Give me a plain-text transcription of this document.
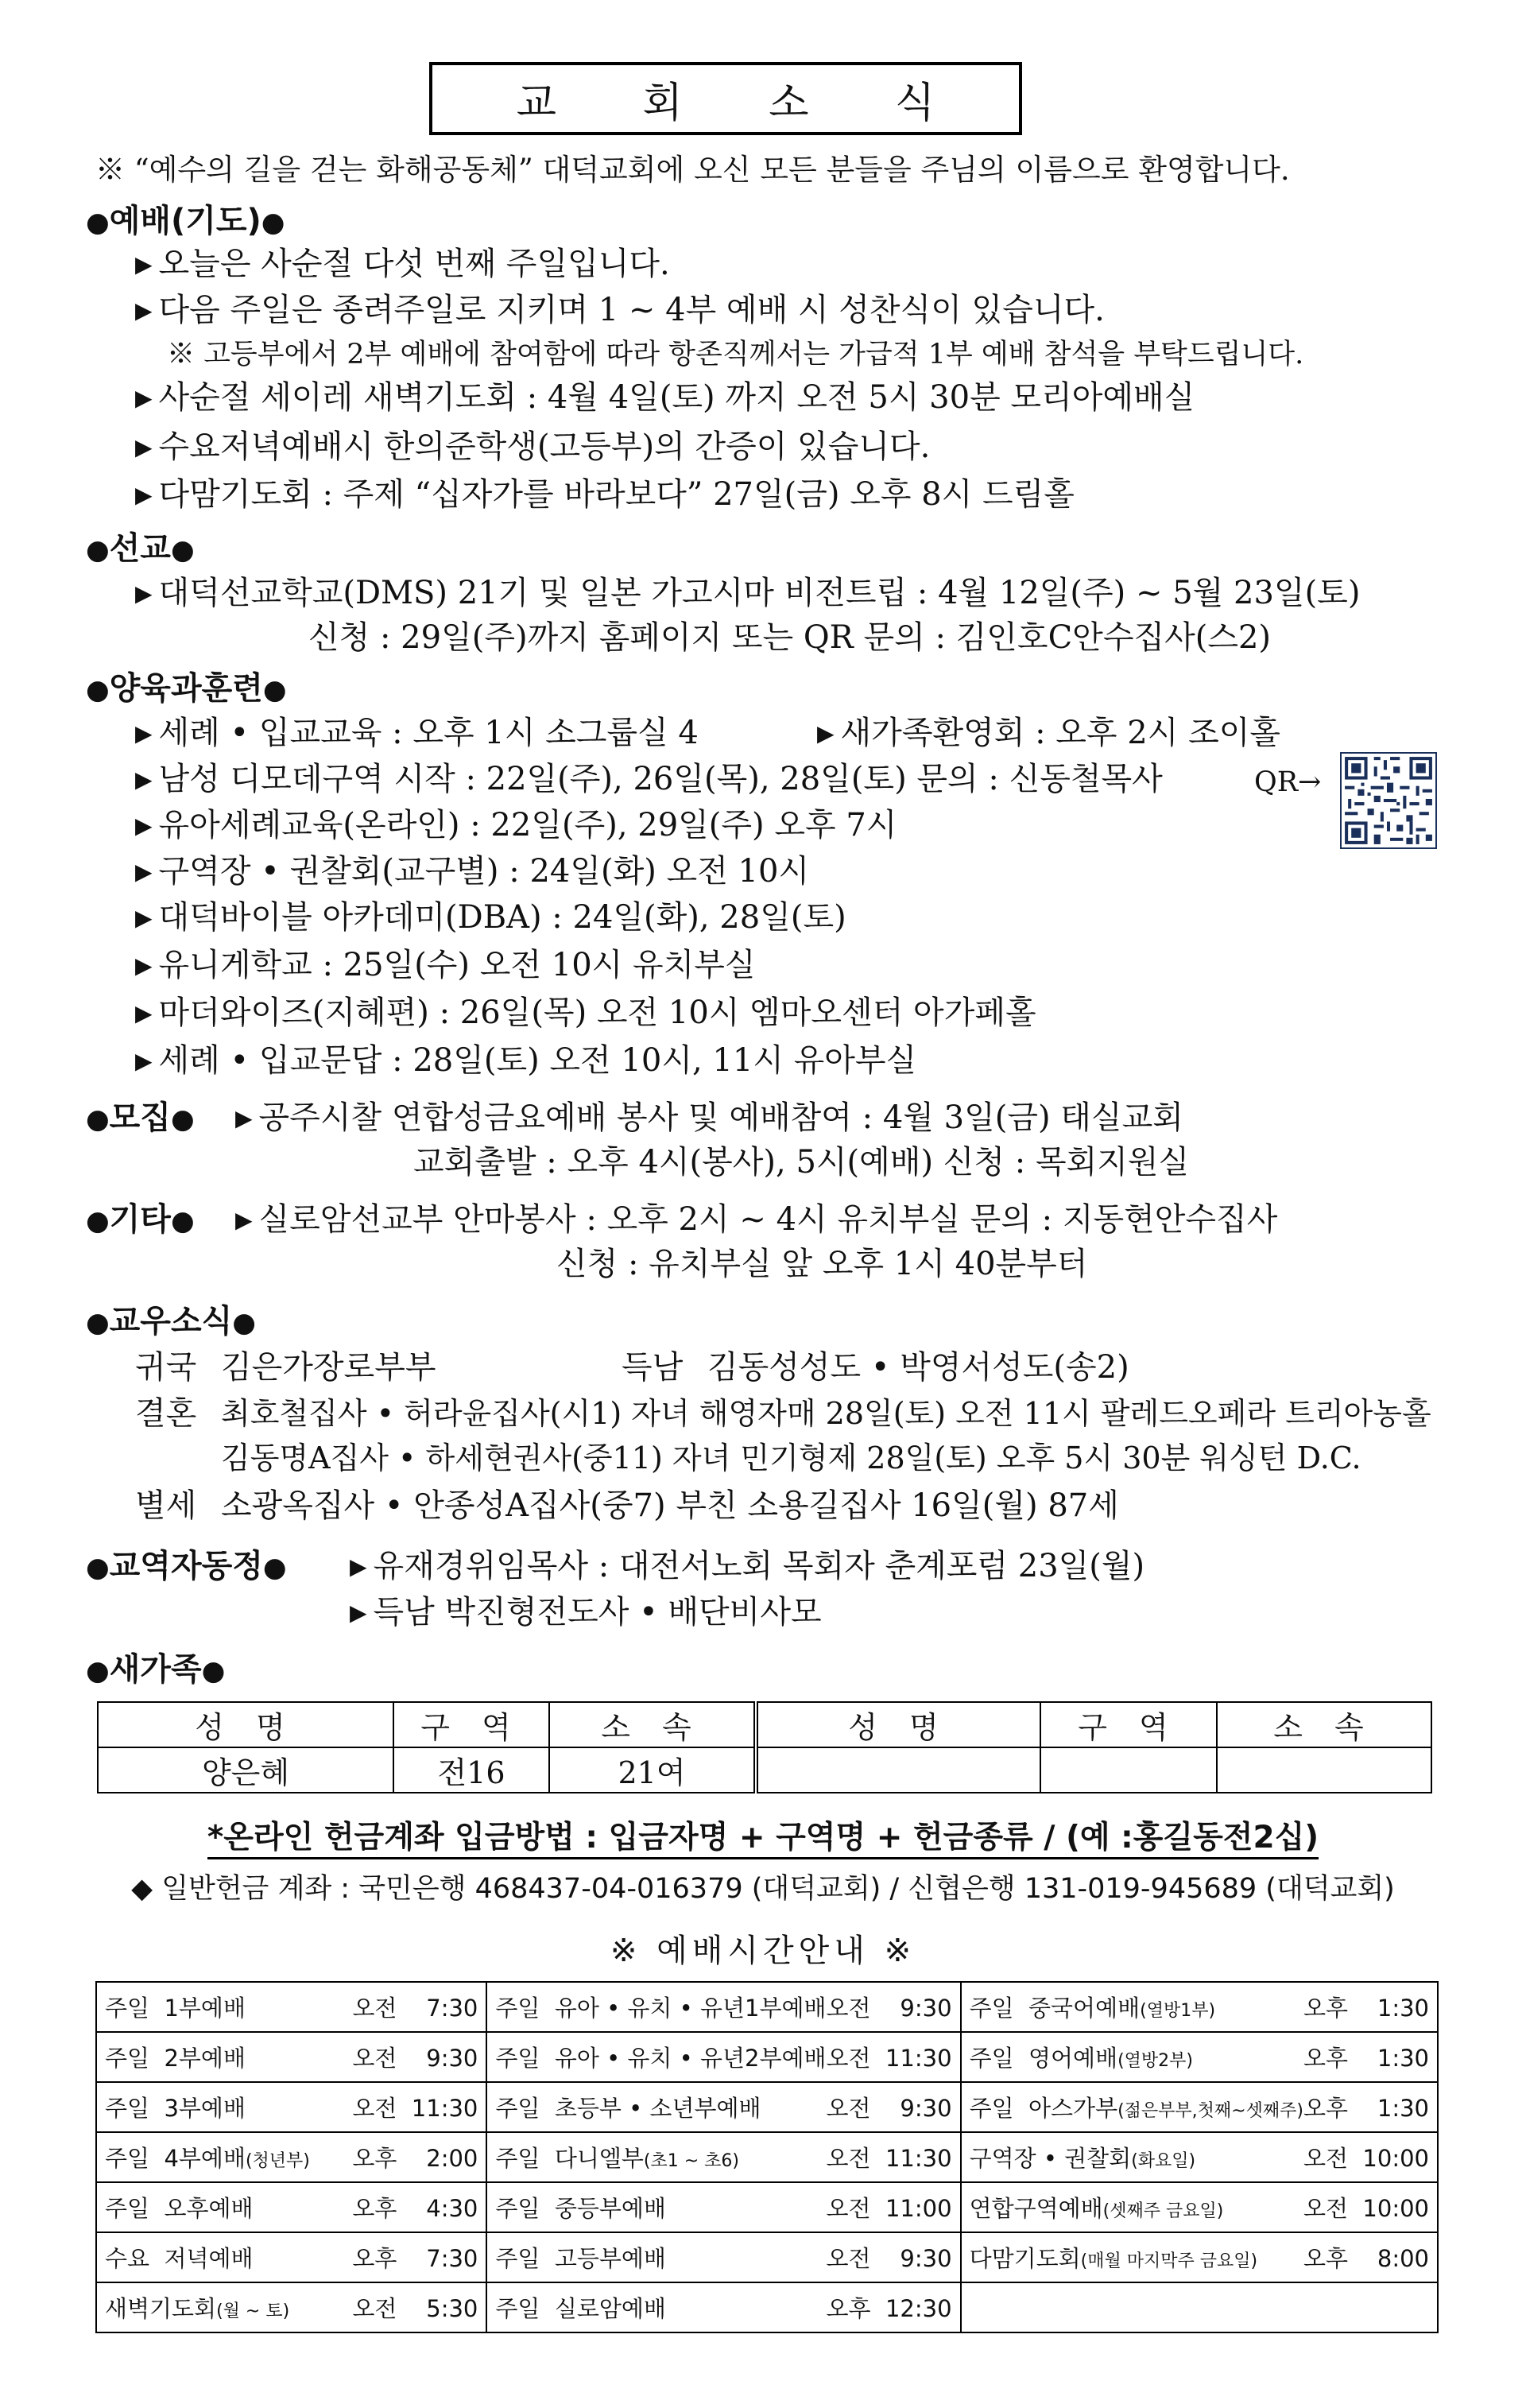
교 회 소 식
※ “예수의 길을 걷는 화해공동체” 대덕교회에 오신 모든 분들을 주님의 이름으로 환영합니다.
●예배(기도)●
▶ 오늘은 사순절 다섯 번째 주일입니다.
▶ 다음 주일은 종려주일로 지키며 1 ~ 4부 예배 시 성찬식이 있습니다.
※ 고등부에서 2부 예배에 참여함에 따라 항존직께서는 가급적 1부 예배 참석을 부탁드립니다.
▶ 사순절 세이레 새벽기도회 : 4월 4일(토) 까지 오전 5시 30분 모리아예배실
▶ 수요저녁예배시 한의준학생(고등부)의 간증이 있습니다.
▶ 다맘기도회 : 주제 “십자가를 바라보다” 27일(금) 오후 8시 드림홀
●선교●
▶ 대덕선교학교(DMS) 21기 및 일본 가고시마 비전트립 : 4월 12일(주) ~ 5월 23일(토)
신청 : 29일(주)까지 홈페이지 또는 QR 문의 : 김인호C안수집사(스2)
●양육과훈련●
▶ 세례 • 입교교육 : 오후 1시 소그룹실 4	▶ 새가족환영회 : 오후 2시 조이홀
▶ 남성 디모데구역 시작 : 22일(주), 26일(목), 28일(토) 문의 : 신동철목사	QR→
▶ 유아세례교육(온라인) : 22일(주), 29일(주) 오후 7시
▶ 구역장 • 권찰회(교구별) : 24일(화) 오전 10시
▶ 대덕바이블 아카데미(DBA) : 24일(화), 28일(토)
▶ 유니게학교 : 25일(수) 오전 10시 유치부실
▶ 마더와이즈(지혜편) : 26일(목) 오전 10시 엠마오센터 아가페홀
▶ 세례 • 입교문답 : 28일(토) 오전 10시, 11시 유아부실
●모집● ▶ 공주시찰 연합성금요예배 봉사 및 예배참여 : 4월 3일(금) 태실교회
교회출발 : 오후 4시(봉사), 5시(예배) 신청 : 목회지원실
●기타● ▶ 실로암선교부 안마봉사 : 오후 2시 ~ 4시 유치부실 문의 : 지동현안수집사
신청 : 유치부실 앞 오후 1시 40분부터
●교우소식●
귀국 김은가장로부부	득남 김동성성도 • 박영서성도(송2)
결혼 최호철집사 • 허라윤집사(시1) 자녀 해영자매 28일(토) 오전 11시 팔레드오페라 트리아농홀
김동명A집사 • 하세현권사(중11) 자녀 민기형제 28일(토) 오후 5시 30분 워싱턴 D.C.
별세 소광옥집사 • 안종성A집사(중7) 부친 소용길집사 16일(월) 87세
●교역자동정●	▶ 유재경위임목사 : 대전서노회 목회자 춘계포럼 23일(월)
▶ 득남 박진형전도사 • 배단비사모
●새가족●
성 명	구 역	소 속	성 명	구 역	소 속
양은혜	전16	21여			
*온라인 헌금계좌 입금방법 : 입금자명 + 구역명 + 헌금종류 / (예 :홍길동전2십)
◆ 일반헌금 계좌 : 국민은행 468437-04-016379 (대덕교회) / 신협은행 131-019-945689 (대덕교회)
※ 예배시간안내 ※
주일  1부예배 오전    7:30	주일  유아 • 유치 • 유년1부예배 오전    9:30	주일  중국어예배(열방1부) 오후    1:30

주일  2부예배 오전    9:30	주일  유아 • 유치 • 유년2부예배 오전  11:30	주일  영어예배(열방2부) 오후    1:30

주일  3부예배 오전  11:30	주일  초등부 • 소년부예배 오전    9:30	주일  아스가부(젊은부부,첫째~셋째주) 오후    1:30

주일  4부예배(청년부) 오후    2:00	주일  다니엘부(초1 ~ 초6) 오전  11:30	구역장 • 권찰회(화요일) 오전  10:00

주일  오후예배 오후    4:30	주일  중등부예배 오전  11:00	연합구역예배(셋째주 금요일) 오전  10:00

수요  저녁예배 오후    7:30	주일  고등부예배 오전    9:30	다맘기도회(매월 마지막주 금요일) 오후    8:00

새벽기도회(월 ~ 토) 오전    5:30	주일  실로암예배 오후  12:30	
